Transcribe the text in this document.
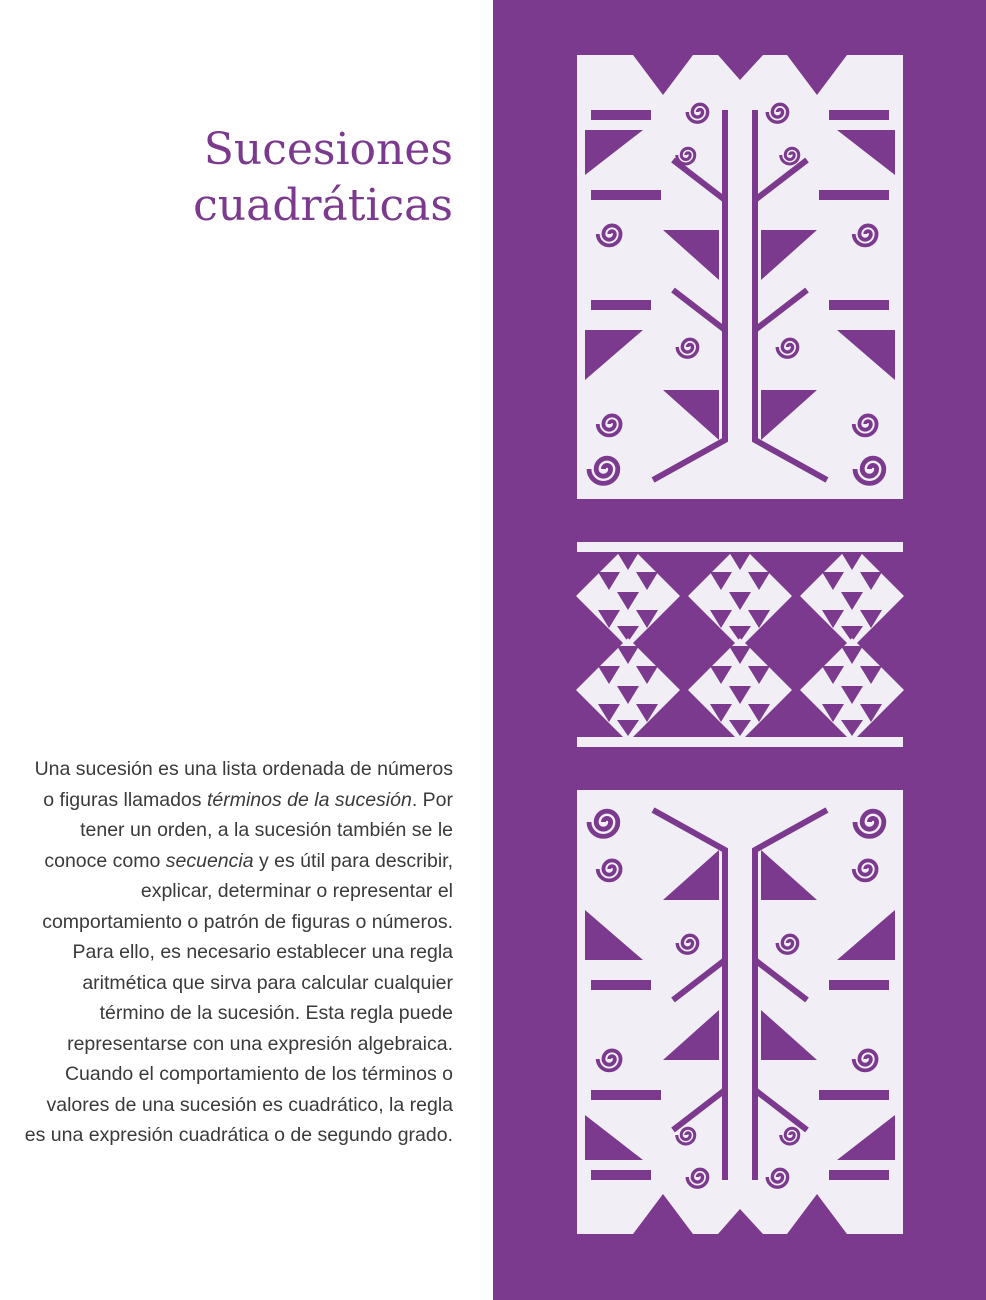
Sucesiones
cuadráticas

Una sucesión es una lista ordenada de números o figuras llamados términos de la sucesión. Por tener un orden, a la sucesión también se le conoce como secuencia y es útil para describir, explicar, determinar o representar el comportamiento o patrón de figuras o números. Para ello, es necesario establecer una regla aritmética que sirva para calcular cualquier término de la sucesión. Esta regla puede representarse con una expresión algebraica. Cuando el comportamiento de los términos o valores de una sucesión es cuadrático, la regla es una expresión cuadrática o de segundo grado.
